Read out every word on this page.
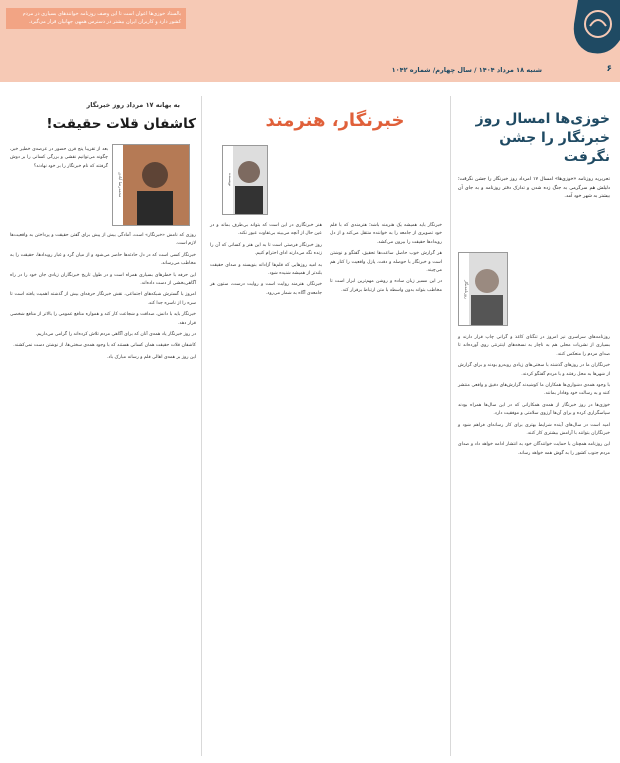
بالستاد خوزی‌ها اعوان است تا این وصف روزنامه خوانندهای بسیاری در مردم کشور دارد و کاربران ایران بیشتر در دسترس همهی جهانیان قرار می‌گیرد.
شنبه ۱۸ مرداد ۱۴۰۴ / سال چهارم/ شماره ۱۰۴۲	۶
خوزی‌ها امسال روز خبرنگار را جشن نگرفت
تحریریه روزنامه «خوزی‌ها» امسال ۱۷ امرداد روز خبرنگار را جشن نگرفت؛ دلیلش هم سرگرمی به جنگ زده شدن و تدارک دفتر روزنامه و به جای آن بیشتر به شهر خود آمد.
روزنامه‌نگار

روزنامه‌های سراسری نیز امروز در تنگنای کاغذ و گرانی چاپ قرار دارند و بسیاری از نشریات محلی هم به ناچار به نسخه‌های اینترنتی روی آورده‌اند تا صدای مردم را منعکس کنند.

خبرنگاران ما در روزهای گذشته با سختی‌های زیادی روبه‌رو بودند و برای گزارش از شهرها به محل رفتند و با مردم گفتگو کردند.

با وجود همه‌ی دشواری‌ها همکاران ما کوشیدند گزارش‌های دقیق و واقعی منتشر کنند و به رسالت خود وفادار بمانند.

خوزی‌ها در روز خبرنگار از همه‌ی همکارانی که در این سال‌ها همراه بودند سپاسگزاری کرده و برای آن‌ها آرزوی سلامتی و موفقیت دارد.

امید است در سال‌های آینده شرایط بهتری برای کار رسانه‌ای فراهم شود و خبرنگاران بتوانند با آرامش بیشتری کار کنند.

این روزنامه همچنان با حمایت خوانندگان خود به انتشار ادامه خواهد داد و صدای مردم جنوب کشور را به گوش همه خواهد رساند.

خبرنگار، هنرمند
نویسنده

خبرنگار باید همیشه یک هنرمند باشد؛ هنرمندی که با قلم خود تصویری از جامعه را به خواننده منتقل می‌کند و از دل رویدادها حقیقت را بیرون می‌کشد.

هر گزارش خوب حاصل ساعت‌ها تحقیق، گفتگو و نوشتن است و خبرنگار با حوصله و دقت، پازل واقعیت را کنار هم می‌چیند.

در این مسیر زبان ساده و روشن مهم‌ترین ابزار است تا مخاطب بتواند بدون واسطه با متن ارتباط برقرار کند.

هنر خبرنگاری در این است که بتواند بی‌طرف بماند و در عین حال از آنچه می‌بیند بی‌تفاوت عبور نکند.

روز خبرنگار فرصتی است تا به این هنر و کسانی که آن را زنده نگه می‌دارند ادای احترام کنیم.

به امید روزهایی که قلم‌ها آزادانه بنویسند و صدای حقیقت بلندتر از همیشه شنیده شود.

خبرنگار، هنرمند روایت است و روایت درست، ستون هر جامعه‌ی آگاه به شمار می‌رود.

به بهانه ۱۷ مرداد روز خبرنگار
کاشفان قلات حقیقت!
محمدرضا آبادی

بعد از تقریبا پنج قرن حضور در عرصه‌ی خطیر خبر، چگونه می‌توانیم نقشی و بزرگی کسانی را بر دوش گرفتند که نام خبرنگار را بر خود نهادند؟

روزی که نامش «خبرنگار» است، آمادگی بیش از پیش برای گفتن حقیقت و پرداختن به واقعیت‌ها لازم است.

خبرنگار کسی است که در دل حادثه‌ها حاضر می‌شود و از میان گرد و غبار رویدادها، حقیقت را به مخاطب می‌رساند.

این حرفه با خطرهای بسیاری همراه است و در طول تاریخ خبرنگاران زیادی جان خود را در راه آگاهی‌بخشی از دست داده‌اند.

امروز با گسترش شبکه‌های اجتماعی، نقش خبرنگار حرفه‌ای بیش از گذشته اهمیت یافته است تا سره را از ناسره جدا کند.

خبرنگار باید با دانش، صداقت و شجاعت کار کند و همواره منافع عمومی را بالاتر از منافع شخصی قرار دهد.

در روز خبرنگار یاد همه‌ی آنان که برای آگاهی مردم تلاش کرده‌اند را گرامی می‌داریم.

کاشفان قلات حقیقت همان کسانی هستند که با وجود همه‌ی سختی‌ها، از نوشتن دست نمی‌کشند.

این روز بر همه‌ی اهالی قلم و رسانه مبارک باد.
